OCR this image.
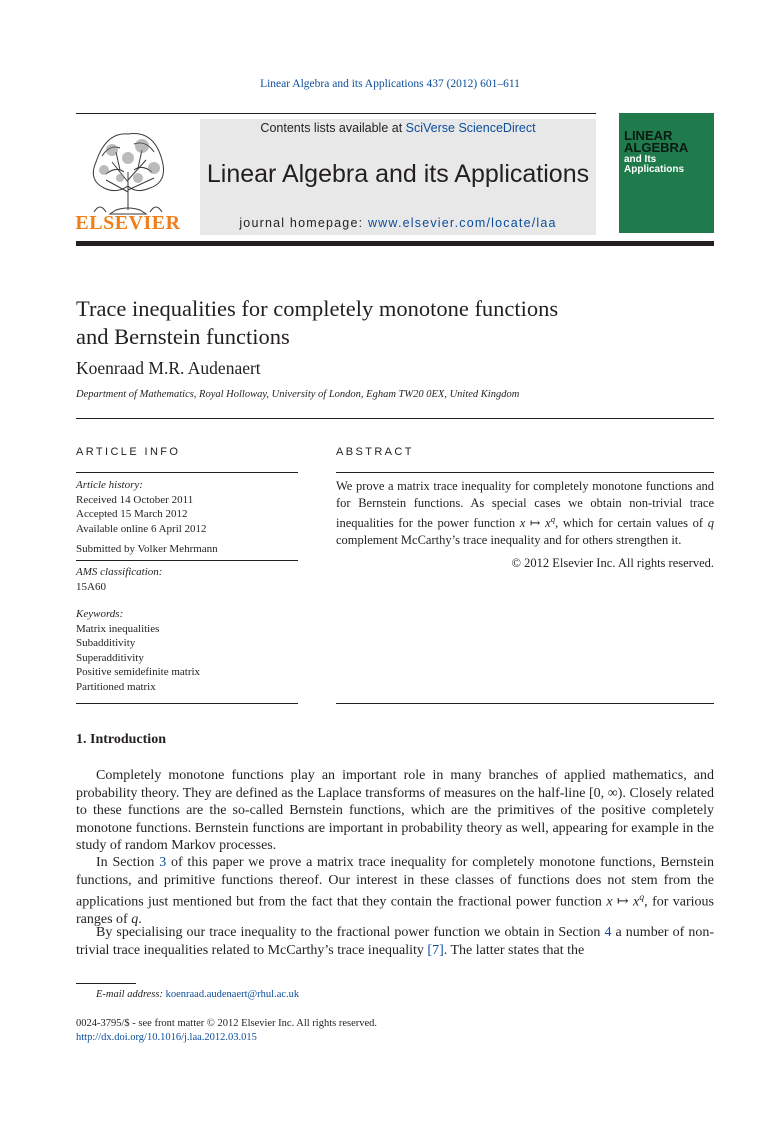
Linear Algebra and its Applications 437 (2012) 601–611
Contents lists available at SciVerse ScienceDirect
Linear Algebra and its Applications
journal homepage: www.elsevier.com/locate/laa
ELSEVIER
LINEAR ALGEBRA
and Its Applications
Trace inequalities for completely monotone functions
and Bernstein functions
Koenraad M.R. Audenaert
Department of Mathematics, Royal Holloway, University of London, Egham TW20 0EX, United Kingdom
ARTICLE INFO
Article history:
Received 14 October 2011
Accepted 15 March 2012
Available online 6 April 2012
Submitted by Volker Mehrmann
AMS classification:
15A60
Keywords:
Matrix inequalities
Subadditivity
Superadditivity
Positive semidefinite matrix
Partitioned matrix
ABSTRACT
We prove a matrix trace inequality for completely monotone functions and for Bernstein functions. As special cases we obtain non-trivial trace inequalities for the power function x ↦ $x^q$, which for certain values of q complement McCarthy’s trace inequality and for others strengthen it.
© 2012 Elsevier Inc. All rights reserved.
1. Introduction
Completely monotone functions play an important role in many branches of applied mathematics, and probability theory. They are defined as the Laplace transforms of measures on the half-line [0, ∞). Closely related to these functions are the so-called Bernstein functions, which are the primitives of the positive completely monotone functions. Bernstein functions are important in probability theory as well, appearing for example in the study of random Markov processes.
In Section 3 of this paper we prove a matrix trace inequality for completely monotone functions, Bernstein functions, and primitive functions thereof. Our interest in these classes of functions does not stem from the applications just mentioned but from the fact that they contain the fractional power function x ↦ $x^q$, for various ranges of q.
By specialising our trace inequality to the fractional power function we obtain in Section 4 a number of non-trivial trace inequalities related to McCarthy’s trace inequality [7]. The latter states that the
E-mail address: koenraad.audenaert@rhul.ac.uk
0024-3795/$ - see front matter © 2012 Elsevier Inc. All rights reserved.
http://dx.doi.org/10.1016/j.laa.2012.03.015
